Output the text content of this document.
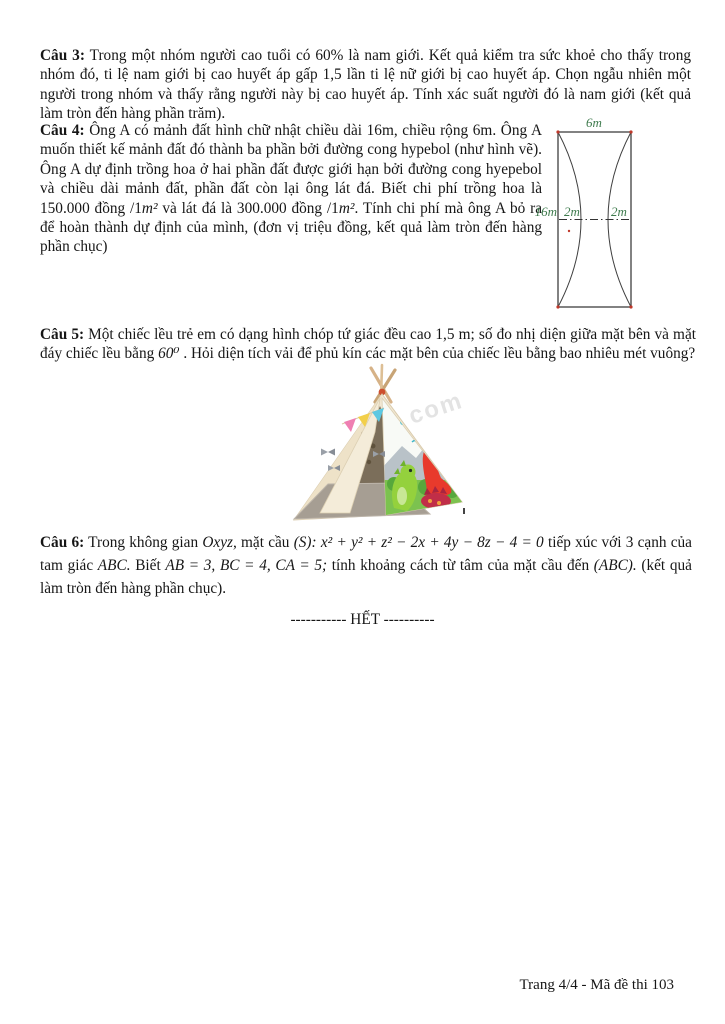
Câu 3: Trong một nhóm người cao tuổi có 60% là nam giới. Kết quả kiểm tra sức khoẻ cho thấy trong nhóm đó, ti lệ nam giới bị cao huyết áp gấp 1,5 lần ti lệ nữ giới bị cao huyết áp. Chọn ngẫu nhiên một người trong nhóm và thấy rằng người này bị cao huyết áp. Tính xác suất người đó là nam giới (kết quả làm tròn đến hàng phần trăm).

Câu 4: Ông A có mảnh đất hình chữ nhật chiều dài 16m, chiều rộng 6m. Ông A muốn thiết kế mảnh đất đó thành ba phần bởi đường cong hypebol (như hình vẽ). Ông A dự định trồng hoa ở hai phần đất được giới hạn bởi đường cong hyepebol và chiều dài mảnh đất, phần đất còn lại ông lát đá. Biết chi phí trồng hoa là 150.000 đồng /1m² và lát đá là 300.000 đồng /1m². Tính chi phí mà ông A bỏ ra để hoàn thành dự định của mình, (đơn vị triệu đồng, kết quả làm tròn đến hàng phần chục)

6m
16m 2m 2m

Câu 5: Một chiếc lều trẻ em có dạng hình chóp tứ giác đều cao 1,5 m; số đo nhị diện giữa mặt bên và mặt đáy chiếc lều bằng 60⁰ . Hỏi diện tích vải để phủ kín các mặt bên của chiếc lều bằng bao nhiêu mét vuông?

com

Câu 6: Trong không gian Oxyz, mặt cầu (S): x² + y² + z² − 2x + 4y − 8z − 4 = 0 tiếp xúc với 3 cạnh của tam giác ABC. Biết AB = 3, BC = 4, CA = 5; tính khoảng cách từ tâm của mặt cầu đến (ABC). (kết quả làm tròn đến hàng phần chục).

----------- HẾT ----------

Trang 4/4 - Mã đề thi 103
